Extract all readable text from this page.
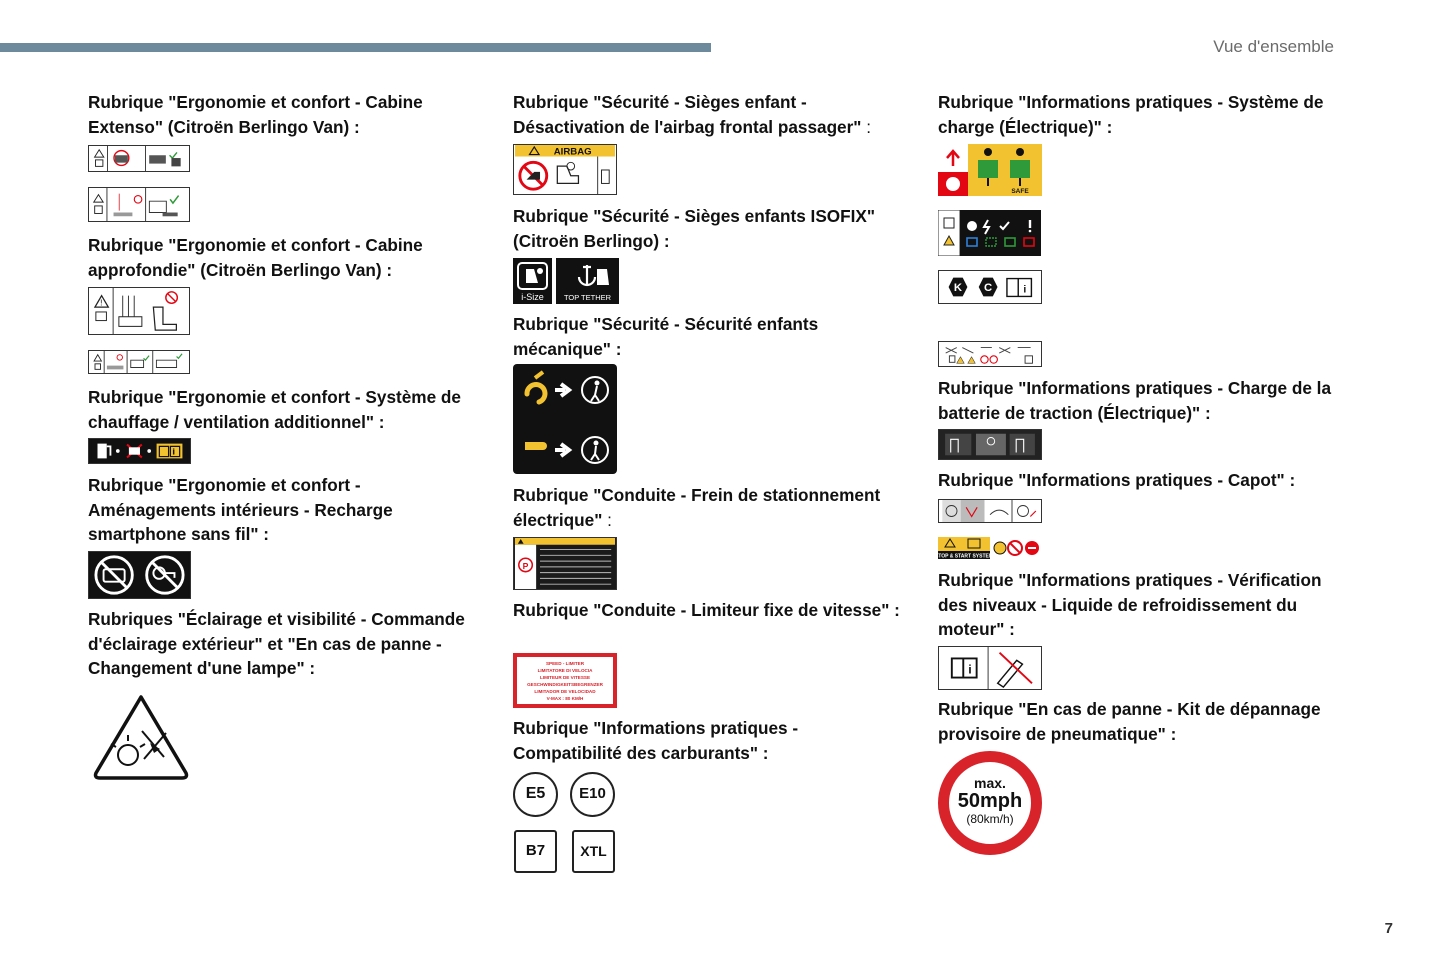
Vue d'ensemble
7

Rubrique "Ergonomie et confort - Cabine Extenso" (Citroën Berlingo Van) :

Rubrique "Ergonomie et confort - Cabine approfondie" (Citroën Berlingo Van) :

!

Rubrique "Ergonomie et confort - Système de chauffage / ventilation additionnel" :

i

Rubrique "Ergonomie et confort - Aménagements intérieurs - Recharge smartphone sans fil" :

Rubriques "Éclairage et visibilité - Commande d'éclairage extérieur" et "En cas de panne - Changement d'une lampe" :

Rubrique "Sécurité - Sièges enfant - Désactivation de l'airbag frontal passager" :

AIRBAG

Rubrique "Sécurité - Sièges enfants ISOFIX" (Citroën Berlingo) :

i-Size	TOP TETHER

Rubrique "Sécurité - Sécurité enfants mécanique" :

Rubrique "Conduite - Frein de stationnement électrique" :

P

Rubrique "Conduite - Limiteur fixe de vitesse" :

SPEED - LIMITER
LIMITATORE DI VELOCIA
LIMITEUR DE VITESSE
GESCHWINDIGKEITSBEGRENZER
LIMITADOR DE VELOCIDAD
V-MAX : 80 KM/H

Rubrique "Informations pratiques - Compatibilité des carburants" :

E5	E10
B7	XTL

Rubrique "Informations pratiques - Système de charge (Électrique)" :

SAFE
K C	i

Rubrique "Informations pratiques - Charge de la batterie de traction (Électrique)" :

Rubrique "Informations pratiques - Capot" :

STOP & START SYSTEM

Rubrique "Informations pratiques - Vérification des niveaux - Liquide de refroidissement du moteur" :

i

Rubrique "En cas de panne - Kit de dépannage provisoire de pneumatique" :

max.
50mph
(80km/h)
